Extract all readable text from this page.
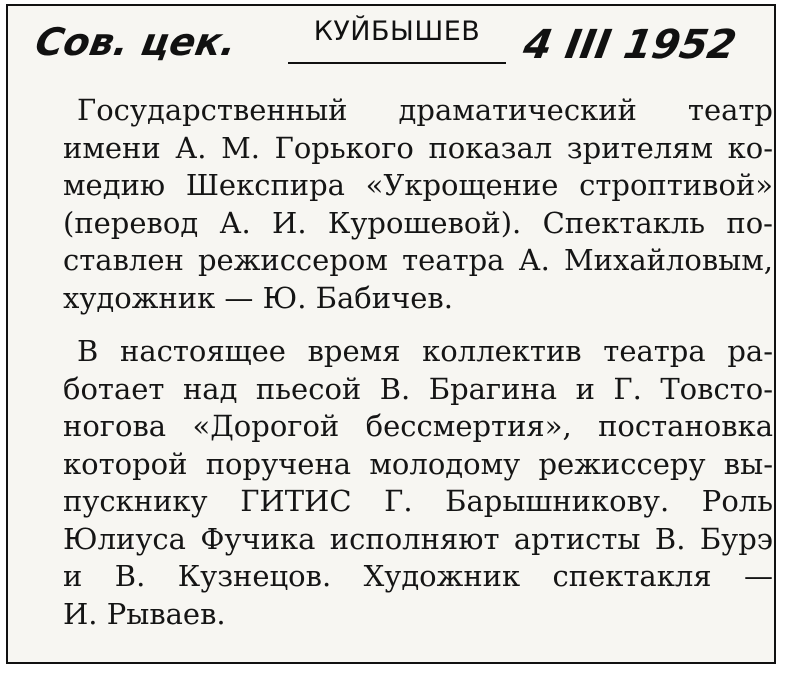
Сов. цек.	КУЙБЫШЕВ 4 III 1952
Государственный драматический театр
имени А. М. Горького показал зрителям ко-
медию Шекспира «Укрощение строптивой»
(перевод А. И. Курошевой). Спектакль по-
ставлен режиссером театра А. Михайловым,
художник — Ю. Бабичев.
В настоящее время коллектив театра ра-
ботает над пьесой В. Брагина и Г. Товсто-
ногова «Дорогой бессмертия», постановка
которой поручена молодому режиссеру вы-
пускнику ГИТИС Г. Барышникову. Роль
Юлиуса Фучика исполняют артисты В. Бурэ
и В. Кузнецов. Художник спектакля —
И. Рываев.
